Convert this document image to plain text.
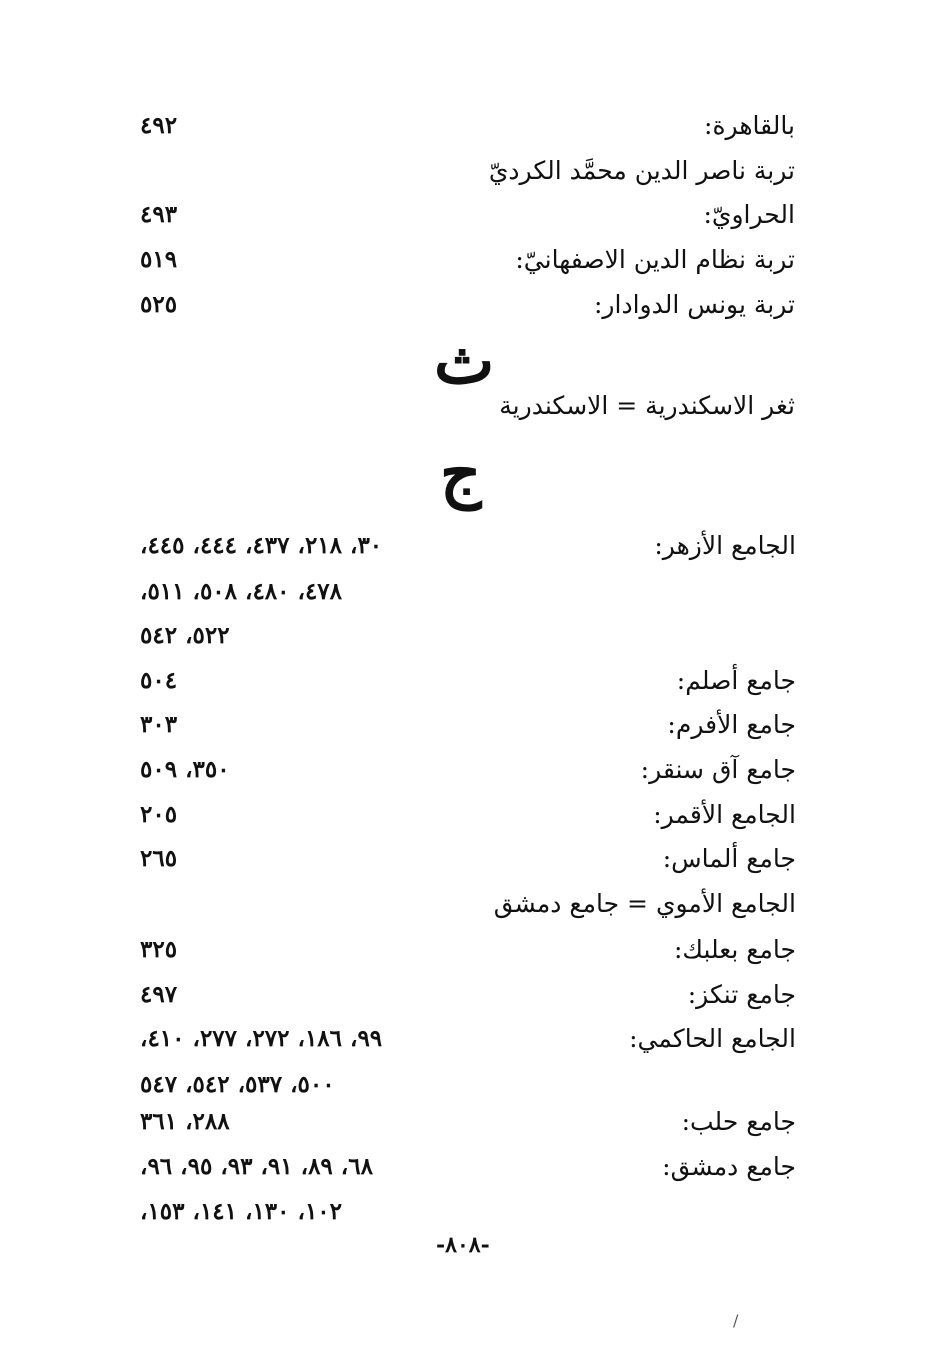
بالقاهرة:
٤٩٢
تربة ناصر الدين محمَّد الكرديّ
الحراويّ:
٤٩٣
تربة نظام الدين الاصفهانيّ:
٥١٩
تربة يونس الدوادار:
٥٢٥
ث
ثغر الاسكندرية = الاسكندرية
ج
الجامع الأزهر:
٣٠، ٢١٨، ٤٣٧، ٤٤٤، ٤٤٥،
٤٧٨، ٤٨٠، ٥٠٨، ٥١١،
٥٢٢، ٥٤٢
جامع أصلم:
٥٠٤
جامع الأفرم:
٣٠٣
جامع آق سنقر:
٣٥٠، ٥٠٩
الجامع الأقمر:
٢٠٥
جامع ألماس:
٢٦٥
الجامع الأموي = جامع دمشق
جامع بعلبك:
٣٢٥
جامع تنكز:
٤٩٧
الجامع الحاكمي:
٩٩، ١٨٦، ٢٧٢، ٢٧٧، ٤١٠،
٥٠٠، ٥٣٧، ٥٤٢، ٥٤٧
جامع حلب:
٢٨٨، ٣٦١
جامع دمشق:
٦٨، ٨٩، ٩١، ٩٣، ٩٥، ٩٦،
١٠٢، ١٣٠، ١٤١، ١٥٣،
-٨٠٨-
/
